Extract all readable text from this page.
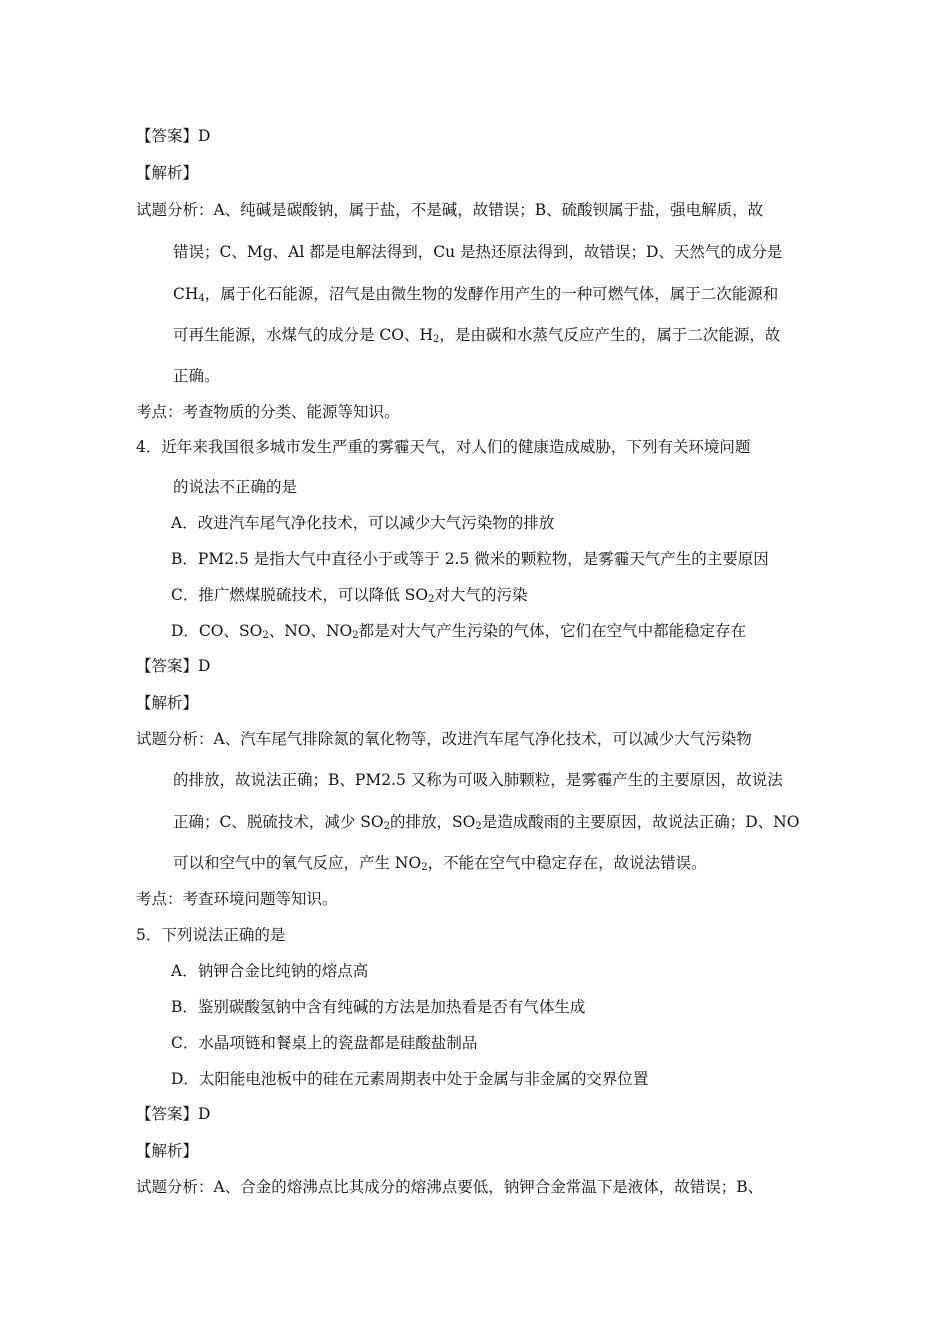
【答案】D
【解析】
试题分析：A、纯碱是碳酸钠，属于盐，不是碱，故错误；B、硫酸钡属于盐，强电解质，故
错误；C、Mg、Al 都是电解法得到，Cu 是热还原法得到，故错误；D、天然气的成分是
$CH_4$，属于化石能源，沼气是由微生物的发酵作用产生的一种可燃气体，属于二次能源和
可再生能源，水煤气的成分是 CO、$H_2$，是由碳和水蒸气反应产生的，属于二次能源，故
正确。
考点：考查物质的分类、能源等知识。
4．近年来我国很多城市发生严重的雾霾天气，对人们的健康造成威胁，下列有关环境问题
的说法不正确的是
A．改进汽车尾气净化技术，可以减少大气污染物的排放
B．PM2.5 是指大气中直径小于或等于 2.5 微米的颗粒物，是雾霾天气产生的主要原因
C．推广燃煤脱硫技术，可以降低 $SO_2$对大气的污染
D．CO、$SO_2$、NO、$NO_2$都是对大气产生污染的气体，它们在空气中都能稳定存在
【答案】D
【解析】
试题分析：A、汽车尾气排除氮的氧化物等，改进汽车尾气净化技术，可以减少大气污染物
的排放，故说法正确；B、PM2.5 又称为可吸入肺颗粒，是雾霾产生的主要原因，故说法
正确；C、脱硫技术，减少 $SO_2$的排放，$SO_2$是造成酸雨的主要原因，故说法正确；D、NO
可以和空气中的氧气反应，产生 $NO_2$，不能在空气中稳定存在，故说法错误。
考点：考查环境问题等知识。
5．下列说法正确的是
A．钠钾合金比纯钠的熔点高
B．鉴别碳酸氢钠中含有纯碱的方法是加热看是否有气体生成
C．水晶项链和餐桌上的瓷盘都是硅酸盐制品
D．太阳能电池板中的硅在元素周期表中处于金属与非金属的交界位置
【答案】D
【解析】
试题分析：A、合金的熔沸点比其成分的熔沸点要低，钠钾合金常温下是液体，故错误；B、
